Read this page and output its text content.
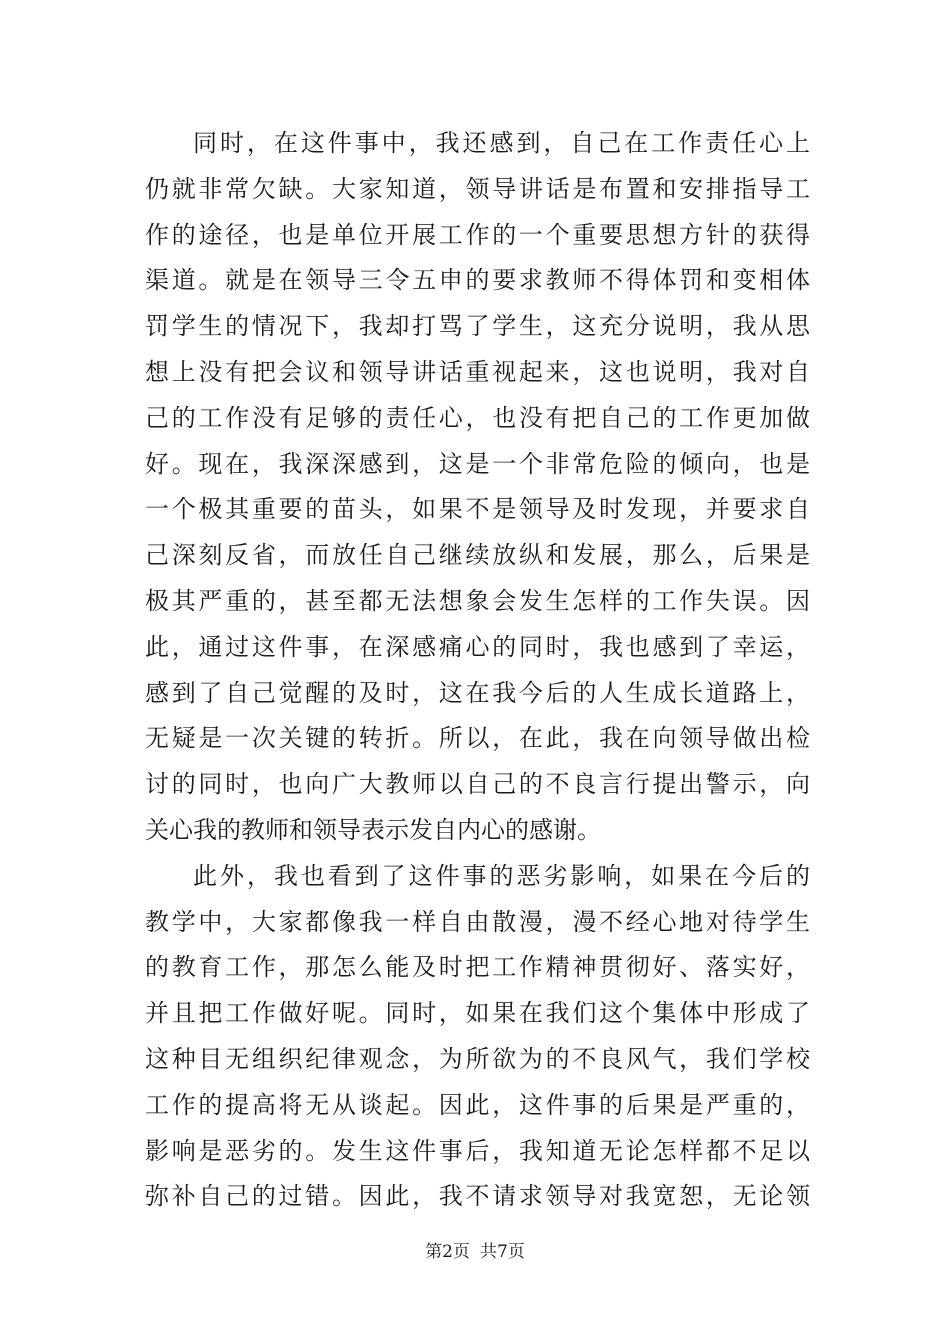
同时，在这件事中，我还感到，自己在工作责任心上
仍就非常欠缺。大家知道，领导讲话是布置和安排指导工
作的途径，也是单位开展工作的一个重要思想方针的获得
渠道。就是在领导三令五申的要求教师不得体罚和变相体
罚学生的情况下，我却打骂了学生，这充分说明，我从思
想上没有把会议和领导讲话重视起来，这也说明，我对自
己的工作没有足够的责任心，也没有把自己的工作更加做
好。现在，我深深感到，这是一个非常危险的倾向，也是
一个极其重要的苗头，如果不是领导及时发现，并要求自
己深刻反省，而放任自己继续放纵和发展，那么，后果是
极其严重的，甚至都无法想象会发生怎样的工作失误。因
此，通过这件事，在深感痛心的同时，我也感到了幸运，
感到了自己觉醒的及时，这在我今后的人生成长道路上，
无疑是一次关键的转折。所以，在此，我在向领导做出检
讨的同时，也向广大教师以自己的不良言行提出警示，向
关心我的教师和领导表示发自内心的感谢。
此外，我也看到了这件事的恶劣影响，如果在今后的
教学中，大家都像我一样自由散漫，漫不经心地对待学生
的教育工作，那怎么能及时把工作精神贯彻好、落实好，
并且把工作做好呢。同时，如果在我们这个集体中形成了
这种目无组织纪律观念，为所欲为的不良风气，我们学校
工作的提高将无从谈起。因此，这件事的后果是严重的，
影响是恶劣的。发生这件事后，我知道无论怎样都不足以
弥补自己的过错。因此，我不请求领导对我宽恕，无论领
第2页 共7页
